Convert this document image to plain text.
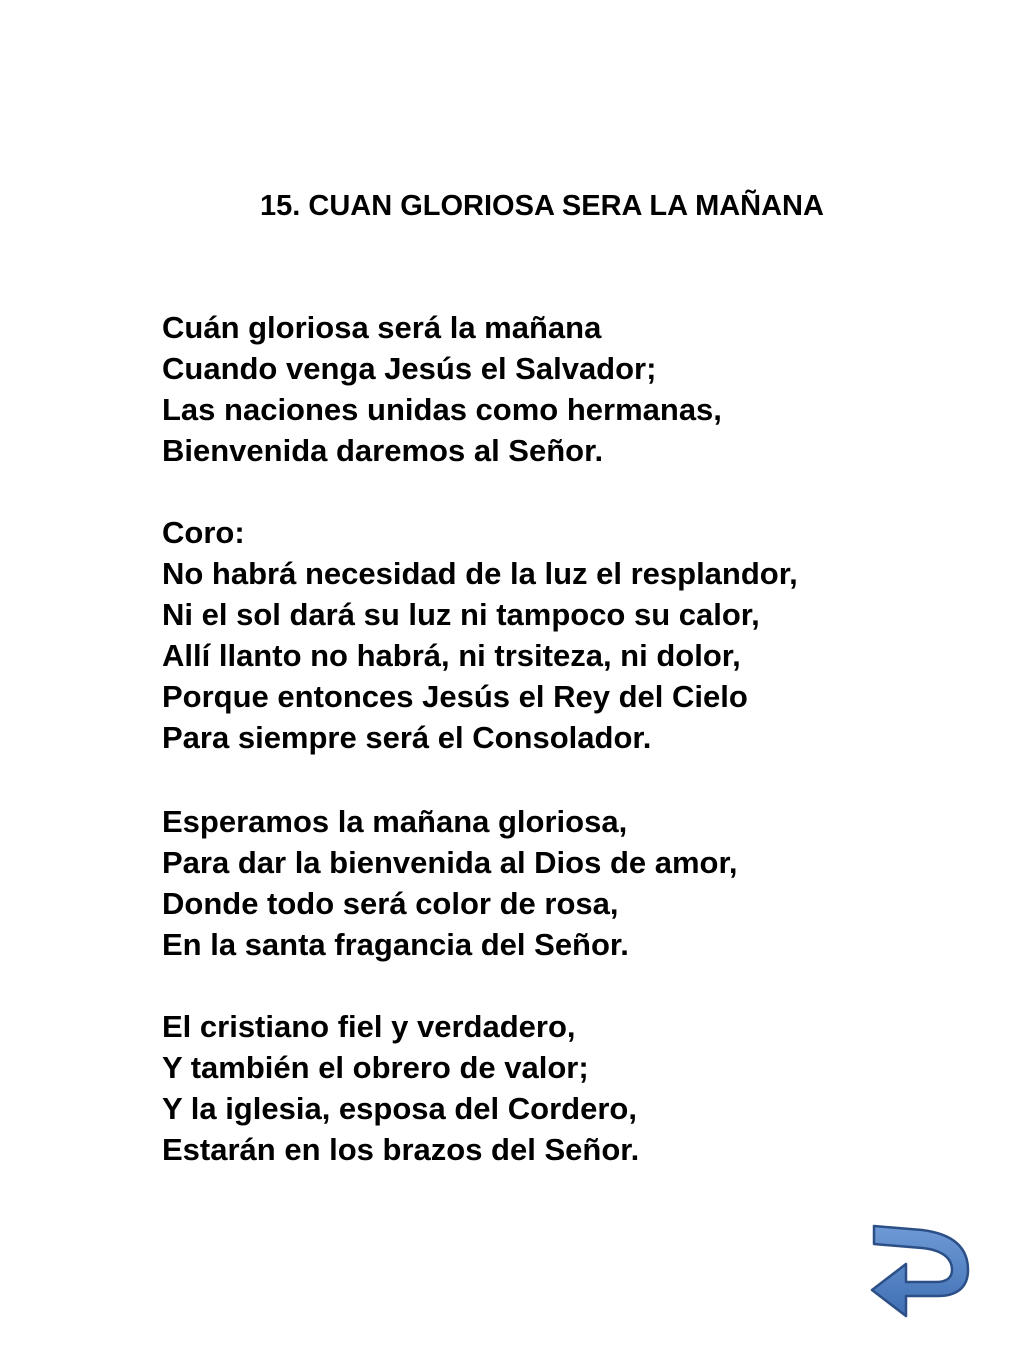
15. CUAN GLORIOSA SERA LA MAÑANA
Cuán gloriosa será la mañana
Cuando venga Jesús el Salvador;
Las naciones unidas como hermanas,
Bienvenida daremos al Señor.
Coro:
No habrá necesidad de la luz el resplandor,
Ni el sol dará su luz ni tampoco su calor,
Allí llanto no habrá, ni trsiteza, ni dolor,
Porque entonces Jesús el Rey del Cielo
Para siempre será el Consolador.
Esperamos la mañana gloriosa,
Para dar la bienvenida al Dios de amor,
Donde todo será color de rosa,
En la santa fragancia del Señor.
El cristiano fiel y verdadero,
Y también el obrero de valor;
Y la iglesia, esposa del Cordero,
Estarán en los brazos del Señor.
